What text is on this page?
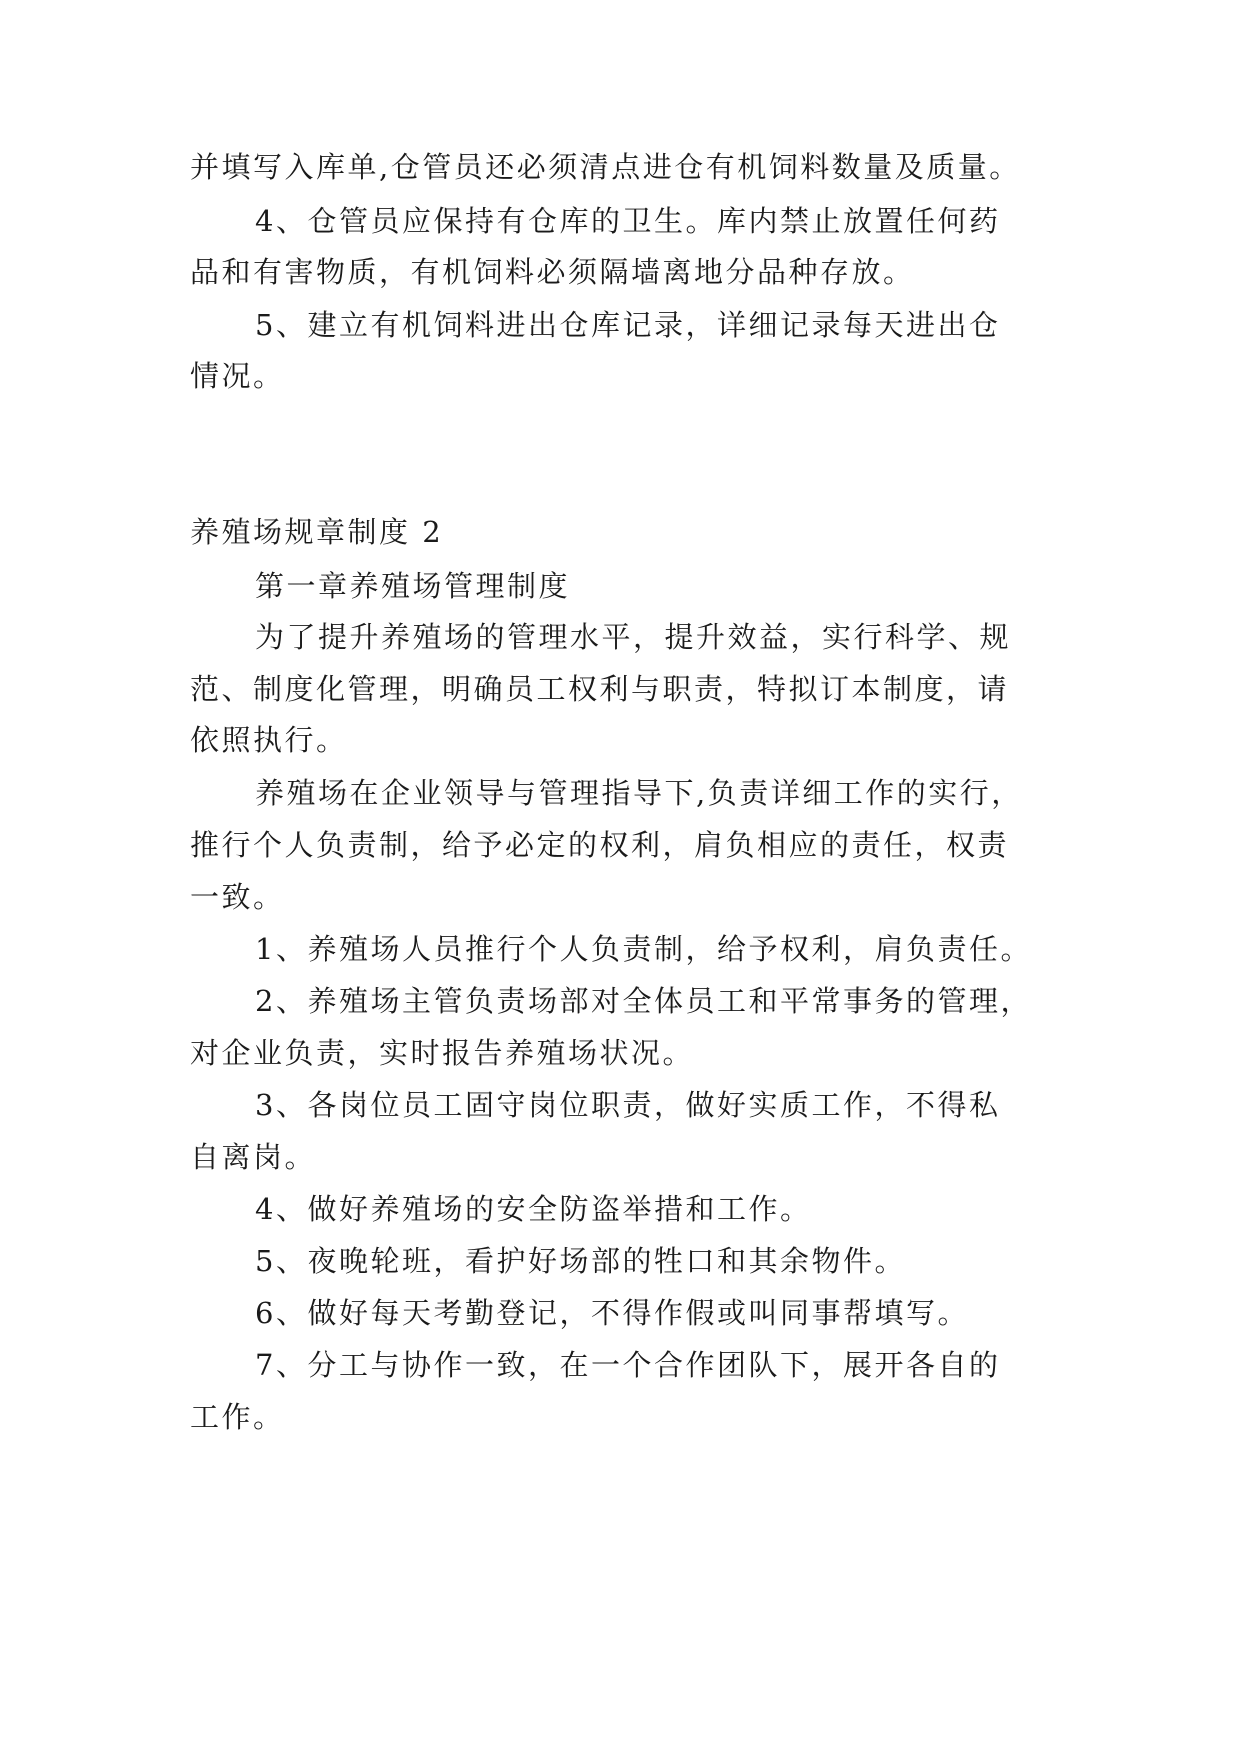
并填写入库单,仓管员还必须清点进仓有机饲料数量及质量。

4、仓管员应保持有仓库的卫生。库内禁止放置任何药

品和有害物质，有机饲料必须隔墙离地分品种存放。

5、建立有机饲料进出仓库记录，详细记录每天进出仓

情况。

养殖场规章制度 2

第一章养殖场管理制度

为了提升养殖场的管理水平，提升效益，实行科学、规

范、制度化管理，明确员工权利与职责，特拟订本制度，请

依照执行。

养殖场在企业领导与管理指导下,负责详细工作的实行，

推行个人负责制，给予必定的权利，肩负相应的责任，权责

一致。

1、养殖场人员推行个人负责制，给予权利，肩负责任。

2、养殖场主管负责场部对全体员工和平常事务的管理，

对企业负责，实时报告养殖场状况。

3、各岗位员工固守岗位职责，做好实质工作，不得私

自离岗。

4、做好养殖场的安全防盗举措和工作。

5、夜晚轮班，看护好场部的牲口和其余物件。

6、做好每天考勤登记，不得作假或叫同事帮填写。

7、分工与协作一致，在一个合作团队下，展开各自的

工作。
